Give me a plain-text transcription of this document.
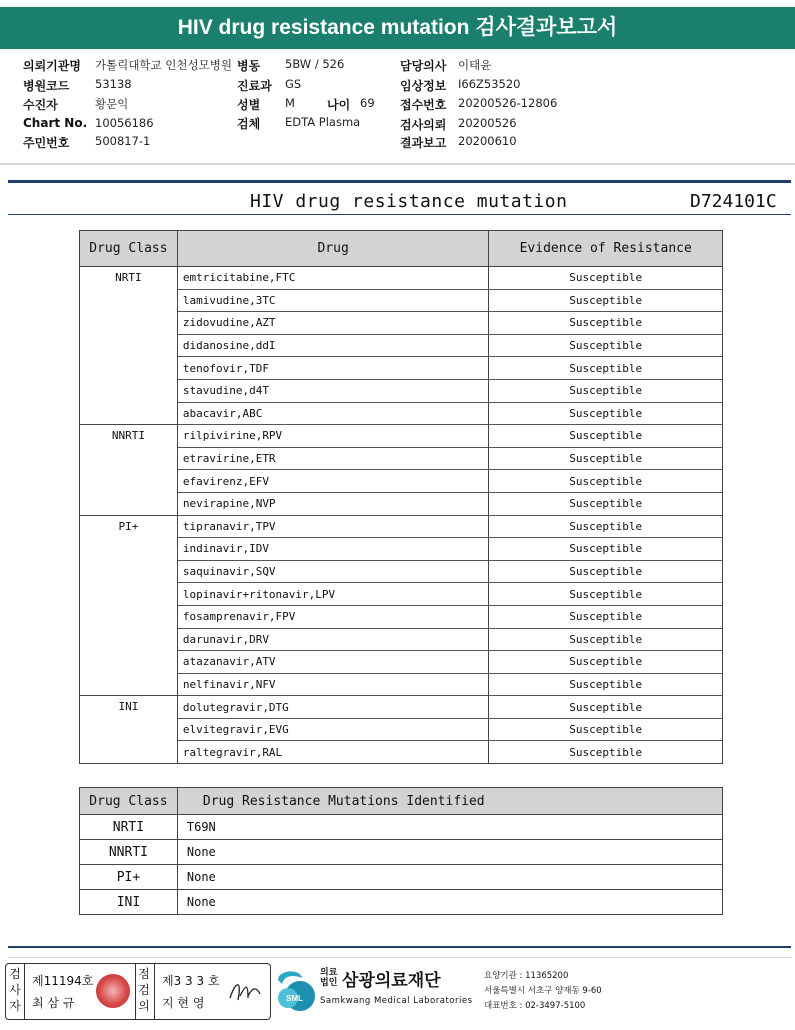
HIV drug resistance mutation 검사결과보고서
의뢰기관명 가톨릭대학교 인천성모병원
병원코드 53138
수진자	황문익
Chart No. 10056186
주민번호 500817-1
병동 5BW / 526
진료과 GS
성별 M	나이 69
검체 EDTA Plasma
담당의사 이태윤
임상정보 I66Z53520
접수번호 20200526-12806
검사의뢰 20200526
결과보고 20200610
HIV drug resistance mutation	D724101C
Drug Class	Drug	Evidence of Resistance
NRTI	emtricitabine,FTC	Susceptible
	lamivudine,3TC	Susceptible
	zidovudine,AZT	Susceptible
	didanosine,ddI	Susceptible
	tenofovir,TDF	Susceptible
	stavudine,d4T	Susceptible
	abacavir,ABC	Susceptible
NNRTI	rilpivirine,RPV	Susceptible
	etravirine,ETR	Susceptible
	efavirenz,EFV	Susceptible
	nevirapine,NVP	Susceptible
PI+	tipranavir,TPV	Susceptible
	indinavir,IDV	Susceptible
	saquinavir,SQV	Susceptible
	lopinavir+ritonavir,LPV	Susceptible
	fosamprenavir,FPV	Susceptible
	darunavir,DRV	Susceptible
	atazanavir,ATV	Susceptible
	nelfinavir,NFV	Susceptible
INI	dolutegravir,DTG	Susceptible
	elvitegravir,EVG	Susceptible
	raltegravir,RAL	Susceptible
Drug Class	Drug Resistance Mutations Identified
NRTI	T69N
NNRTI	None
PI+	None
INI	None
검사자
제11194호
최 삼 규
점검의
제3 3 3 호
지 현 영	SML
의료법인 삼광의료재단
Samkwang Medical Laboratories
요양기관 : 11365200
서울특별시 서초구 양재동 9-60
대표번호 : 02-3497-5100
